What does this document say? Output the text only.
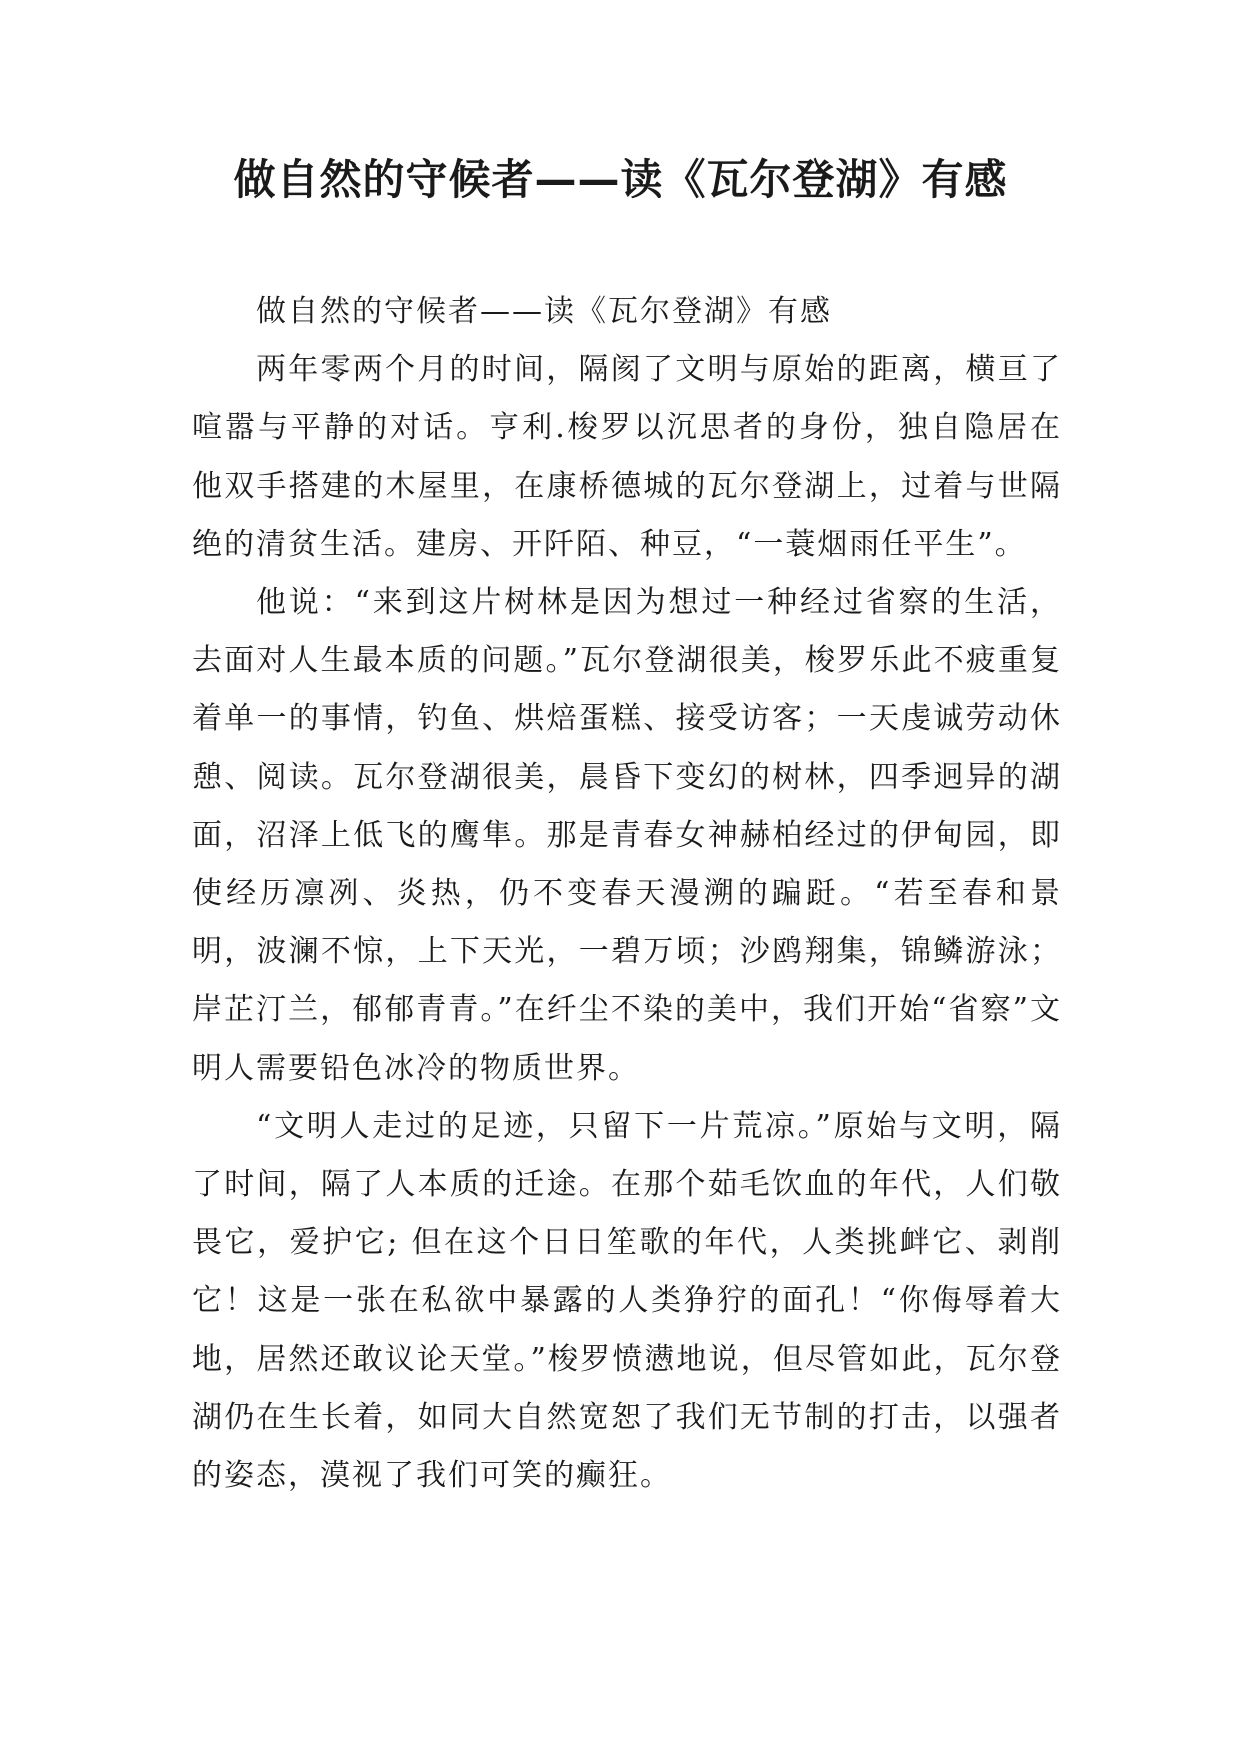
做自然的守候者——读《瓦尔登湖》有感

做自然的守候者——读《瓦尔登湖》有感

两年零两个月的时间，隔阂了文明与原始的距离，横亘了喧嚣与平静的对话。亨利.梭罗以沉思者的身份，独自隐居在他双手搭建的木屋里，在康桥德城的瓦尔登湖上，过着与世隔绝的清贫生活。建房、开阡陌、种豆，“一蓑烟雨任平生”。

他说：“来到这片树林是因为想过一种经过省察的生活，去面对人生最本质的问题。”瓦尔登湖很美，梭罗乐此不疲重复着单一的事情，钓鱼、烘焙蛋糕、接受访客；一天虔诚劳动休憩、阅读。瓦尔登湖很美，晨昏下变幻的树林，四季迥异的湖面，沼泽上低飞的鹰隼。那是青春女神赫柏经过的伊甸园，即使经历凛冽、炎热，仍不变春天漫溯的蹁跹。“若至春和景明，波澜不惊，上下天光，一碧万顷；沙鸥翔集，锦鳞游泳；岸芷汀兰，郁郁青青。”在纤尘不染的美中，我们开始“省察”文明人需要铅色冰冷的物质世界。

“文明人走过的足迹，只留下一片荒凉。”原始与文明，隔了时间，隔了人本质的迁途。在那个茹毛饮血的年代，人们敬畏它，爱护它; 但在这个日日笙歌的年代，人类挑衅它、剥削它！这是一张在私欲中暴露的人类狰狞的面孔！“你侮辱着大地，居然还敢议论天堂。”梭罗愤懑地说，但尽管如此，瓦尔登湖仍在生长着，如同大自然宽恕了我们无节制的打击，以强者的姿态，漠视了我们可笑的癫狂。
